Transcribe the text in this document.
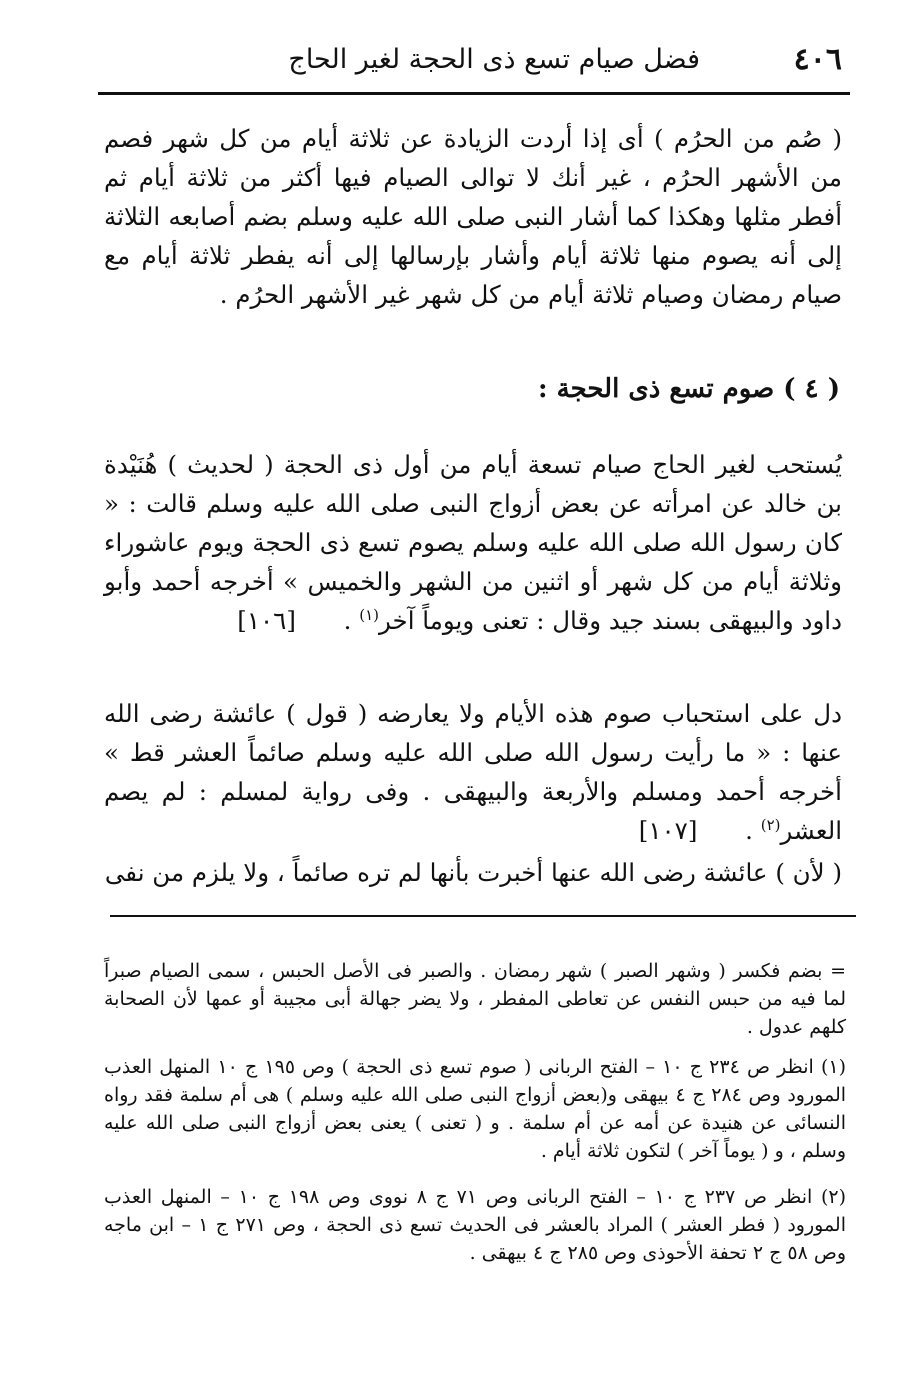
٤٠٦
فضل صيام تسع ذى الحجة لغير الحاج
( صُم من الحرُم ) أى إذا أردت الزيادة عن ثلاثة أيام من كل شهر فصم من الأشهر الحرُم ، غير أنك لا توالى الصيام فيها أكثر من ثلاثة أيام ثم أفطر مثلها وهكذا كما أشار النبى صلى الله عليه وسلم بضم أصابعه الثلاثة إلى أنه يصوم منها ثلاثة أيام وأشار بإرسالها إلى أنه يفطر ثلاثة أيام مع صيام رمضان وصيام ثلاثة أيام من كل شهر غير الأشهر الحرُم .
( ٤ ) صوم تسع ذى الحجة :
يُستحب لغير الحاج صيام تسعة أيام من أول ذى الحجة ( لحديث ) هُنَيْدة بن خالد عن امرأته عن بعض أزواج النبى صلى الله عليه وسلم قالت : « كان رسول الله صلى الله عليه وسلم يصوم تسع ذى الحجة ويوم عاشوراء وثلاثة أيام من كل شهر أو اثنين من الشهر والخميس » أخرجه أحمد وأبو داود والبيهقى بسند جيد وقال : تعنى ويوماً آخر$^{(١)}$ . [١٠٦]
دل على استحباب صوم هذه الأيام ولا يعارضه ( قول ) عائشة رضى الله عنها : « ما رأيت رسول الله صلى الله عليه وسلم صائماً العشر قط » أخرجه أحمد ومسلم والأربعة والبيهقى . وفى رواية لمسلم : لم يصم العشر$^{(٢)}$ . [١٠٧]
( لأن ) عائشة رضى الله عنها أخبرت بأنها لم تره صائماً ، ولا يلزم من نفى

= بضم فكسر ( وشهر الصبر ) شهر رمضان . والصبر فى الأصل الحبس ، سمى الصيام صبراً لما فيه من حبس النفس عن تعاطى المفطر ، ولا يضر جهالة أبى مجيبة أو عمها لأن الصحابة كلهم عدول .

(١) انظر ص ٢٣٤ ج ١٠ – الفتح الربانى ( صوم تسع ذى الحجة ) وص ١٩٥ ج ١٠ المنهل العذب المورود وص ٢٨٤ ج ٤ بيهقى و(بعض أزواج النبى صلى الله عليه وسلم ) هى أم سلمة فقد رواه النسائى عن هنيدة عن أمه عن أم سلمة . و ( تعنى ) يعنى بعض أزواج النبى صلى الله عليه وسلم ، و ( يوماً آخر ) لتكون ثلاثة أيام .

(٢) انظر ص ٢٣٧ ج ١٠ – الفتح الربانى وص ٧١ ج ٨ نووى وص ١٩٨ ج ١٠ – المنهل العذب المورود ( فطر العشر ) المراد بالعشر فى الحديث تسع ذى الحجة ، وص ٢٧١ ج ١ – ابن ماجه وص ٥٨ ج ٢ تحفة الأحوذى وص ٢٨٥ ج ٤ بيهقى .
